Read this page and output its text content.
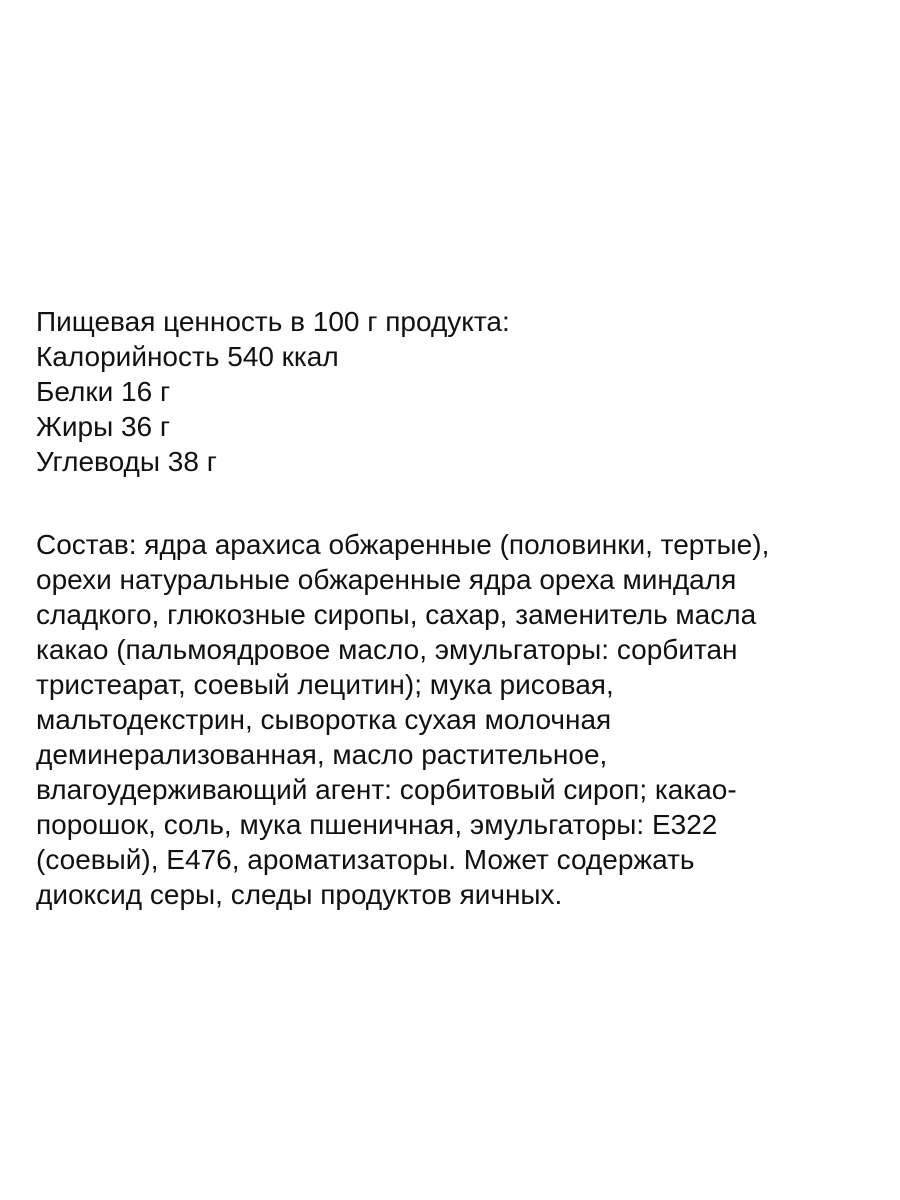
Пищевая ценность в 100 г продукта:
Калорийность 540 ккал
Белки 16 г
Жиры 36 г
Углеводы 38 г
Состав: ядра арахиса обжаренные (половинки, тертые),
орехи натуральные обжаренные ядра ореха миндаля
сладкого, глюкозные сиропы, сахар, заменитель масла
какао (пальмоядровое масло, эмульгаторы: сорбитан
тристеарат, соевый лецитин); мука рисовая,
мальтодекстрин, сыворотка сухая молочная
деминерализованная, масло растительное,
влагоудерживающий агент: сорбитовый сироп; какао-
порошок, соль, мука пшеничная, эмульгаторы: Е322
(соевый), Е476, ароматизаторы. Может содержать
диоксид серы, следы продуктов яичных.
